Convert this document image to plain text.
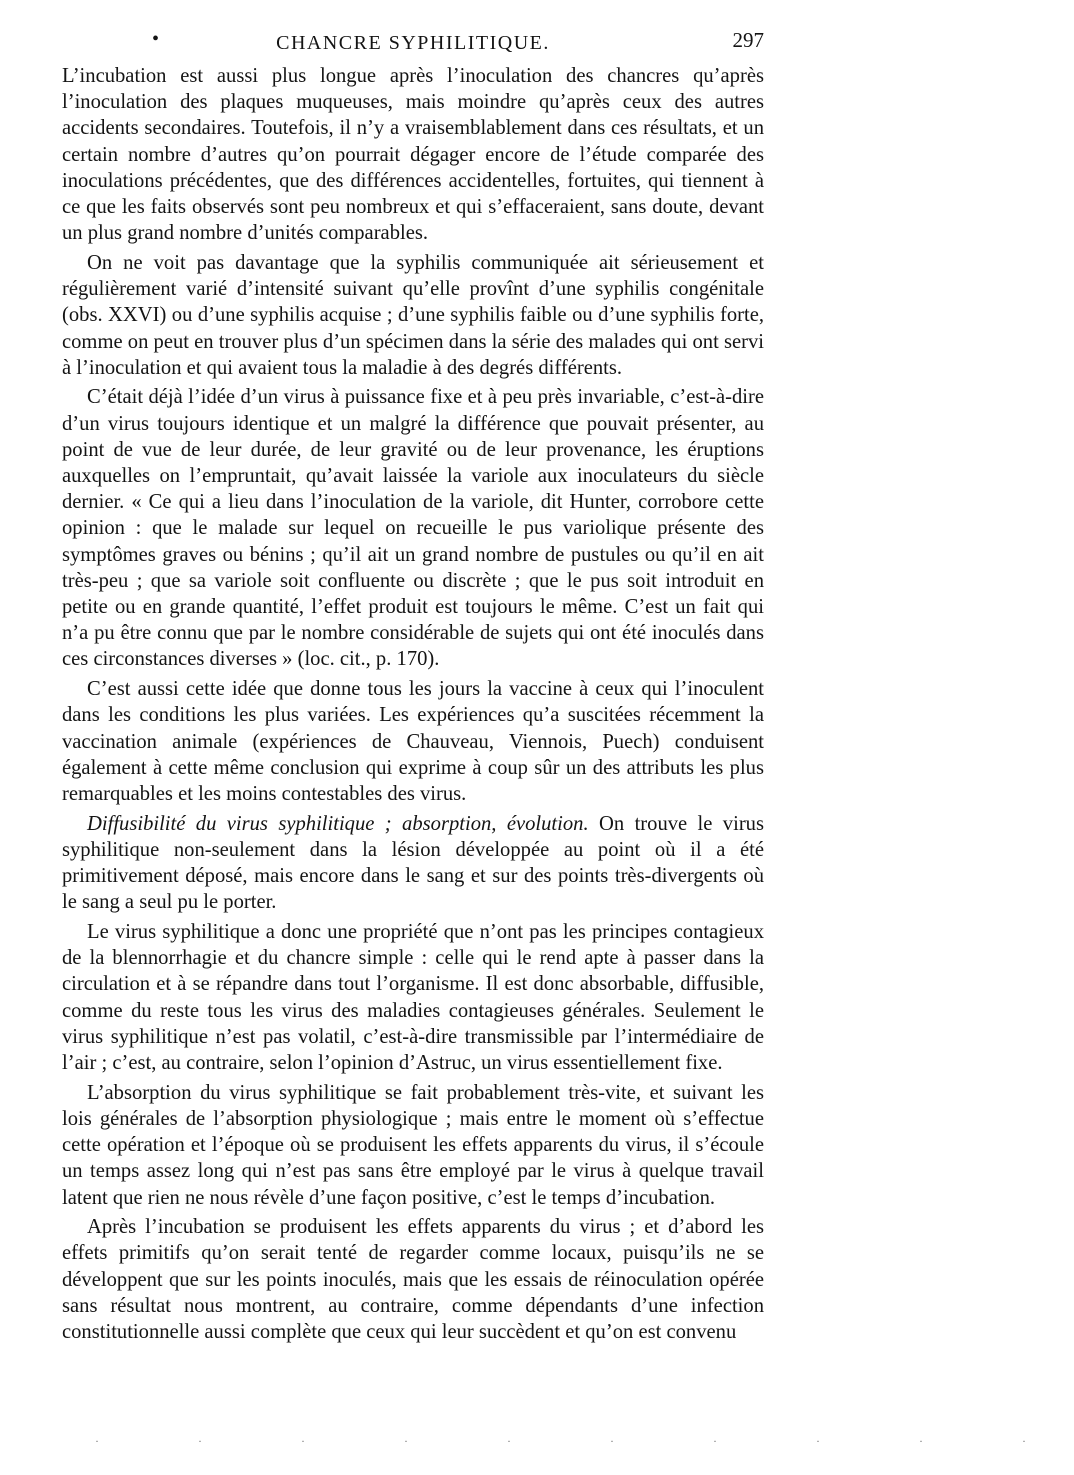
•	CHANCRE SYPHILITIQUE.	297

L’incubation est aussi plus longue après l’inoculation des chancres qu’après l’inoculation des plaques muqueuses, mais moindre qu’après ceux des autres accidents secondaires. Toutefois, il n’y a vraisemblablement dans ces résultats, et un certain nombre d’autres qu’on pourrait dégager encore de l’étude comparée des inoculations précédentes, que des différences accidentelles, fortuites, qui tiennent à ce que les faits observés sont peu nombreux et qui s’effaceraient, sans doute, devant un plus grand nombre d’unités comparables.

On ne voit pas davantage que la syphilis communiquée ait sérieusement et régulièrement varié d’intensité suivant qu’elle provînt d’une syphilis congénitale (obs. XXVI) ou d’une syphilis acquise ; d’une syphilis faible ou d’une syphilis forte, comme on peut en trouver plus d’un spécimen dans la série des malades qui ont servi à l’inoculation et qui avaient tous la maladie à des degrés différents.

C’était déjà l’idée d’un virus à puissance fixe et à peu près invariable, c’est-à-dire d’un virus toujours identique et un malgré la différence que pouvait présenter, au point de vue de leur durée, de leur gravité ou de leur provenance, les éruptions auxquelles on l’empruntait, qu’avait laissée la variole aux inoculateurs du siècle dernier. « Ce qui a lieu dans l’inoculation de la variole, dit Hunter, corrobore cette opinion : que le malade sur lequel on recueille le pus variolique présente des symptômes graves ou bénins ; qu’il ait un grand nombre de pustules ou qu’il en ait très-peu ; que sa variole soit confluente ou discrète ; que le pus soit introduit en petite ou en grande quantité, l’effet produit est toujours le même. C’est un fait qui n’a pu être connu que par le nombre considérable de sujets qui ont été inoculés dans ces circonstances diverses » (loc. cit., p. 170).

C’est aussi cette idée que donne tous les jours la vaccine à ceux qui l’inoculent dans les conditions les plus variées. Les expériences qu’a suscitées récemment la vaccination animale (expériences de Chauveau, Viennois, Puech) conduisent également à cette même conclusion qui exprime à coup sûr un des attributs les plus remarquables et les moins contestables des virus.

Diffusibilité du virus syphilitique ; absorption, évolution. On trouve le virus syphilitique non-seulement dans la lésion développée au point où il a été primitivement déposé, mais encore dans le sang et sur des points très-divergents où le sang a seul pu le porter.

Le virus syphilitique a donc une propriété que n’ont pas les principes contagieux de la blennorrhagie et du chancre simple : celle qui le rend apte à passer dans la circulation et à se répandre dans tout l’organisme. Il est donc absorbable, diffusible, comme du reste tous les virus des maladies contagieuses générales. Seulement le virus syphilitique n’est pas volatil, c’est-à-dire transmissible par l’intermédiaire de l’air ; c’est, au contraire, selon l’opinion d’Astruc, un virus essentiellement fixe.

L’absorption du virus syphilitique se fait probablement très-vite, et suivant les lois générales de l’absorption physiologique ; mais entre le moment où s’effectue cette opération et l’époque où se produisent les effets apparents du virus, il s’écoule un temps assez long qui n’est pas sans être employé par le virus à quelque travail latent que rien ne nous révèle d’une façon positive, c’est le temps d’incubation.

Après l’incubation se produisent les effets apparents du virus ; et d’abord les effets primitifs qu’on serait tenté de regarder comme locaux, puisqu’ils ne se développent que sur les points inoculés, mais que les essais de réinoculation opérée sans résultat nous montrent, au contraire, comme dépendants d’une infection constitutionnelle aussi complète que ceux qui leur succèdent et qu’on est convenu

· · · · · · · · · ·
